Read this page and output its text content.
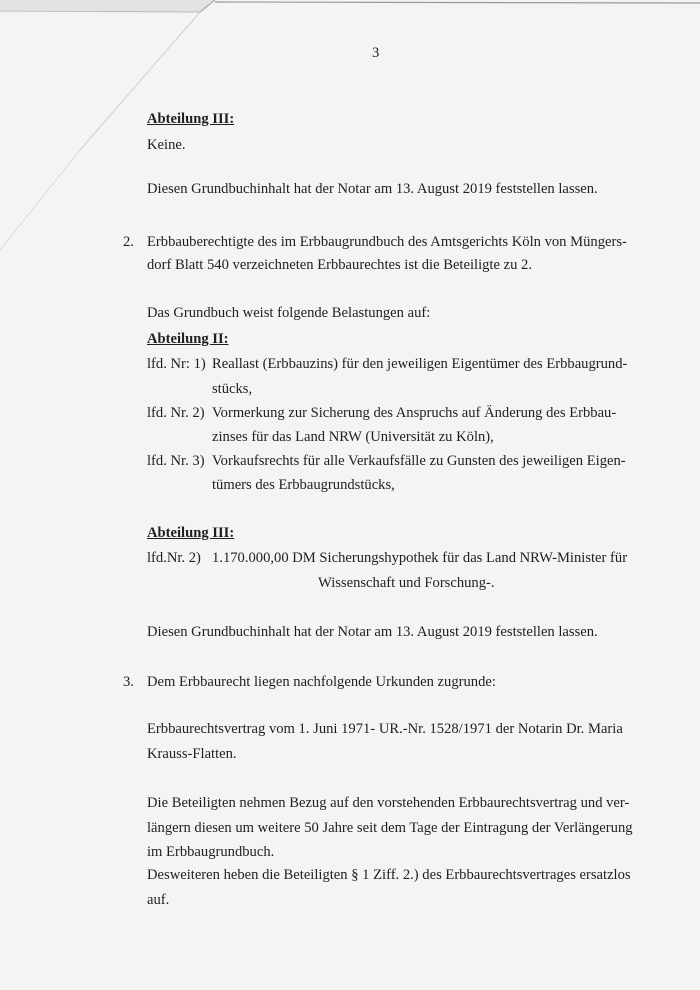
3
Abteilung III:
Keine.
Diesen Grundbuchinhalt hat der Notar am 13. August 2019 feststellen lassen.
2. Erbbauberechtigte des im Erbbaugrundbuch des Amtsgerichts Köln von Müngers-
dorf Blatt 540 verzeichneten Erbbaurechtes ist die Beteiligte zu 2.
Das Grundbuch weist folgende Belastungen auf:
Abteilung II:
lfd. Nr: 1) Reallast (Erbbauzins) für den jeweiligen Eigentümer des Erbbaugrund-
stücks,
lfd. Nr. 2) Vormerkung zur Sicherung des Anspruchs auf Änderung des Erbbau-
zinses für das Land NRW (Universität zu Köln),
lfd. Nr. 3) Vorkaufsrechts für alle Verkaufsfälle zu Gunsten des jeweiligen Eigen-
tümers des Erbbaugrundstücks,
Abteilung III:
lfd.Nr. 2) 1.170.000,00 DM Sicherungshypothek für das Land NRW-Minister für
Wissenschaft und Forschung-.
Diesen Grundbuchinhalt hat der Notar am 13. August 2019 feststellen lassen.
3. Dem Erbbaurecht liegen nachfolgende Urkunden zugrunde:
Erbbaurechtsvertrag vom 1. Juni 1971- UR.-Nr. 1528/1971 der Notarin Dr. Maria
Krauss-Flatten.
Die Beteiligten nehmen Bezug auf den vorstehenden Erbbaurechtsvertrag und ver-
längern diesen um weitere 50 Jahre seit dem Tage der Eintragung der Verlängerung
im Erbbaugrundbuch.
Desweiteren heben die Beteiligten § 1 Ziff. 2.) des Erbbaurechtsvertrages ersatzlos
auf.
